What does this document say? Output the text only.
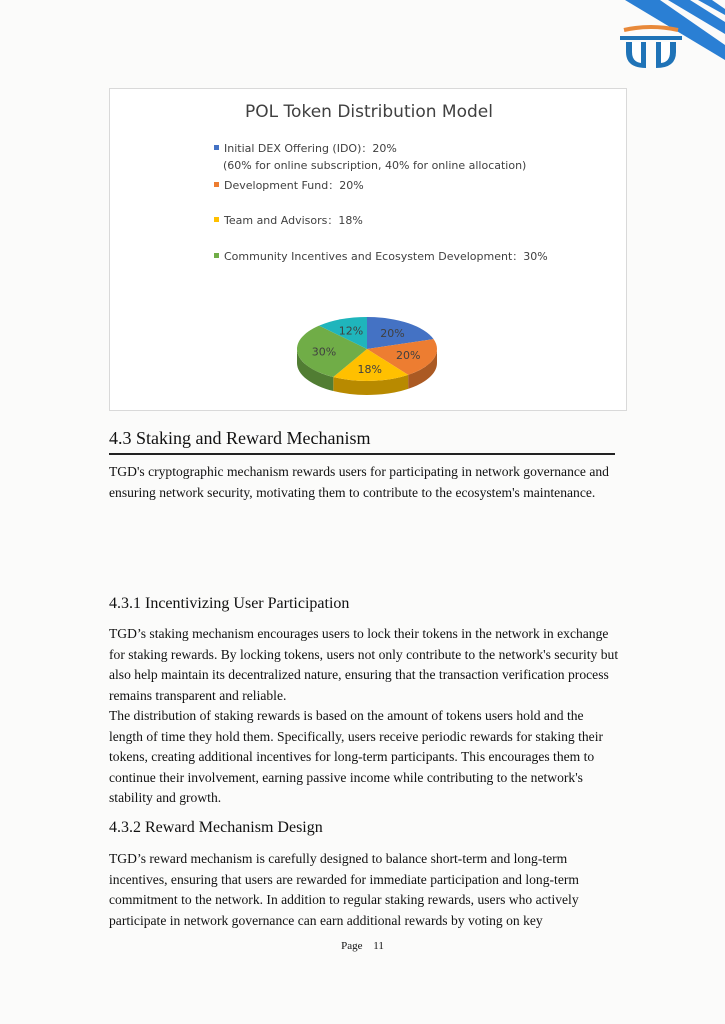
POL Token Distribution Model
Initial DEX Offering (IDO)：20%
(60% for online subscription, 40% for online allocation)
Development Fund：20%
Team and Advisors：18%
Community Incentives and Ecosystem Development：30%
20%
20%
18%
30%
12%
4.3 Staking and Reward Mechanism

TGD's cryptographic mechanism rewards users for participating in network governance and ensuring network security, motivating them to contribute to the ecosystem's maintenance.

4.3.1 Incentivizing User Participation

TGD’s staking mechanism encourages users to lock their tokens in the network in exchange for staking rewards. By locking tokens, users not only contribute to the network's security but also help maintain its decentralized nature, ensuring that the transaction verification process remains transparent and reliable.

The distribution of staking rewards is based on the amount of tokens users hold and the length of time they hold them. Specifically, users receive periodic rewards for staking their tokens, creating additional incentives for long-term participants. This encourages them to continue their involvement, earning passive income while contributing to the network's stability and growth.

4.3.2 Reward Mechanism Design

TGD’s reward mechanism is carefully designed to balance short-term and long-term incentives, ensuring that users are rewarded for immediate participation and long-term commitment to the network. In addition to regular staking rewards, users who actively participate in network governance can earn additional rewards by voting on key

Page 11
